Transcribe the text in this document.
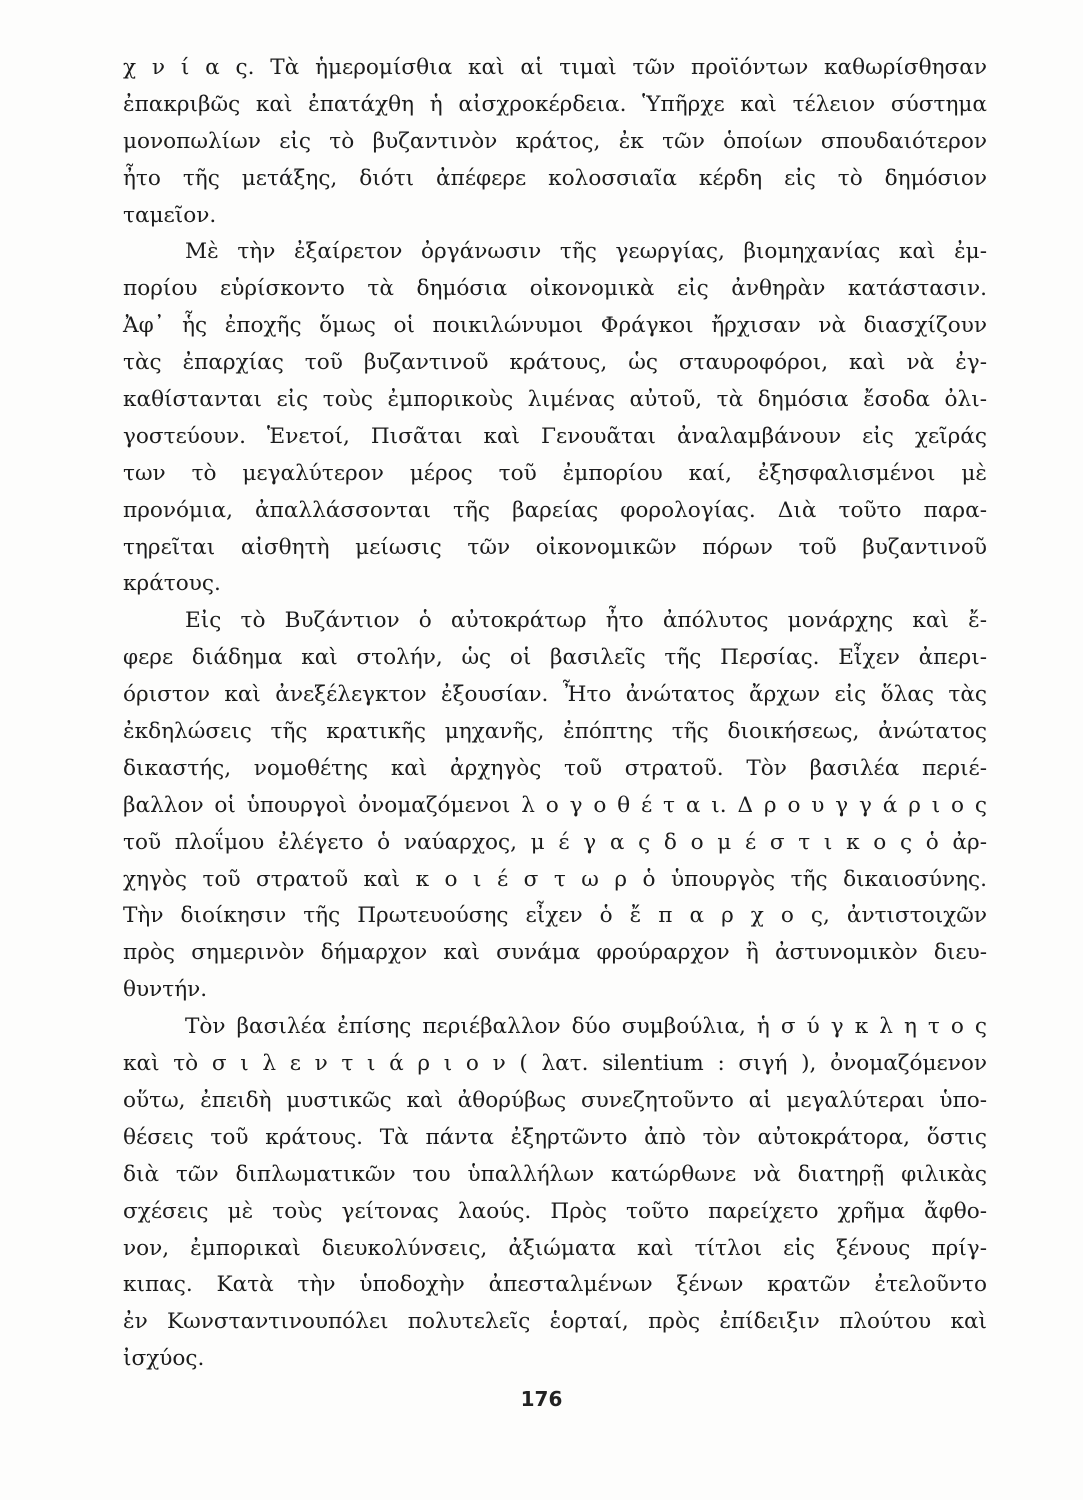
χ ν ί α ς. Τὰ ἡμερομίσθια καὶ αἱ τιμαὶ τῶν προϊόντων καθωρίσθησαν
ἐπακριβῶς καὶ ἐπατάχθη ἡ αἰσχροκέρδεια. Ὑπῆρχε καὶ τέλειον σύστημα
μονοπωλίων εἰς τὸ βυζαντινὸν κράτος, ἐκ τῶν ὁποίων σπουδαιότερον
ἦτο τῆς μετάξης, διότι ἀπέφερε κολοσσιαῖα κέρδη εἰς τὸ δημόσιον
ταμεῖον.
Μὲ τὴν ἐξαίρετον ὀργάνωσιν τῆς γεωργίας, βιομηχανίας καὶ ἐμ-
πορίου εὑρίσκοντο τὰ δημόσια οἰκονομικὰ εἰς ἀνθηρὰν κατάστασιν.
Ἀφ᾽ ἧς ἐποχῆς ὅμως οἱ ποικιλώνυμοι Φράγκοι ἤρχισαν νὰ διασχίζουν
τὰς ἐπαρχίας τοῦ βυζαντινοῦ κράτους, ὡς σταυροφόροι, καὶ νὰ ἐγ-
καθίστανται εἰς τοὺς ἐμπορικοὺς λιμένας αὐτοῦ, τὰ δημόσια ἔσοδα ὀλι-
γοστεύουν. Ἑνετοί, Πισᾶται καὶ Γενουᾶται ἀναλαμβάνουν εἰς χεῖράς
των τὸ μεγαλύτερον μέρος τοῦ ἐμπορίου καί, ἐξησφαλισμένοι μὲ
προνόμια, ἀπαλλάσσονται τῆς βαρείας φορολογίας. Διὰ τοῦτο παρα-
τηρεῖται αἰσθητὴ μείωσις τῶν οἰκονομικῶν πόρων τοῦ βυζαντινοῦ
κράτους.
Εἰς τὸ Βυζάντιον ὁ αὐτοκράτωρ ἦτο ἀπόλυτος μονάρχης καὶ ἔ-
φερε διάδημα καὶ στολήν, ὡς οἱ βασιλεῖς τῆς Περσίας. Εἶχεν ἀπερι-
όριστον καὶ ἀνεξέλεγκτον ἐξουσίαν. Ἦτο ἀνώτατος ἄρχων εἰς ὅλας τὰς
ἐκδηλώσεις τῆς κρατικῆς μηχανῆς, ἐπόπτης τῆς διοικήσεως, ἀνώτατος
δικαστής, νομοθέτης καὶ ἀρχηγὸς τοῦ στρατοῦ. Τὸν βασιλέα περιέ-
βαλλον οἱ ὑπουργοὶ ὀνομαζόμενοι λ ο γ ο θ έ τ α ι. Δ ρ ο υ γ γ ά ρ ι ο ς
τοῦ πλοΐμου ἐλέγετο ὁ ναύαρχος, μ έ γ α ς δ ο μ έ σ τ ι κ ο ς ὁ ἀρ-
χηγὸς τοῦ στρατοῦ καὶ κ ο ι έ σ τ ω ρ ὁ ὑπουργὸς τῆς δικαιοσύνης.
Τὴν διοίκησιν τῆς Πρωτευούσης εἶχεν ὁ ἔ π α ρ χ ο ς, ἀντιστοιχῶν
πρὸς σημερινὸν δήμαρχον καὶ συνάμα φρούραρχον ἢ ἀστυνομικὸν διευ-
θυντήν.
Τὸν βασιλέα ἐπίσης περιέβαλλον δύο συμβούλια, ἡ σ ύ γ κ λ η τ ο ς
καὶ τὸ σ ι λ ε ν τ ι ά ρ ι ο ν ( λατ. silentium : σιγή ), ὀνομαζόμενον
οὕτω, ἐπειδὴ μυστικῶς καὶ ἀθορύβως συνεζητοῦντο αἱ μεγαλύτεραι ὑπο-
θέσεις τοῦ κράτους. Τὰ πάντα ἐξηρτῶντο ἀπὸ τὸν αὐτοκράτορα, ὅστις
διὰ τῶν διπλωματικῶν του ὑπαλλήλων κατώρθωνε νὰ διατηρῇ φιλικὰς
σχέσεις μὲ τοὺς γείτονας λαούς. Πρὸς τοῦτο παρείχετο χρῆμα ἄφθο-
νον, ἐμπορικαὶ διευκολύνσεις, ἀξιώματα καὶ τίτλοι εἰς ξένους πρίγ-
κιπας. Κατὰ τὴν ὑποδοχὴν ἀπεσταλμένων ξένων κρατῶν ἐτελοῦντο
ἐν Κωνσταντινουπόλει πολυτελεῖς ἑορταί, πρὸς ἐπίδειξιν πλούτου καὶ
ἰσχύος.
176
